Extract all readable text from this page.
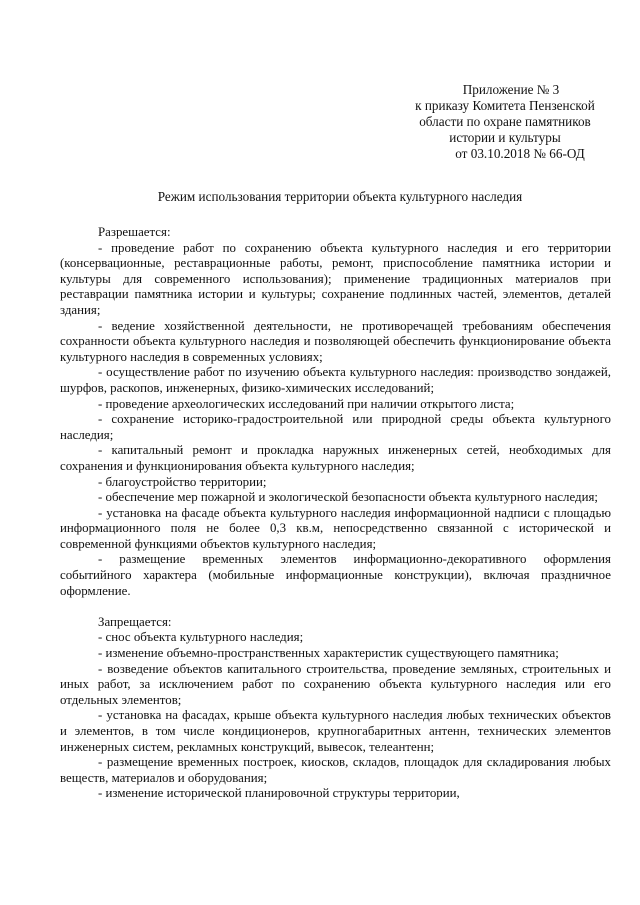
Приложение № 3
к приказу Комитета Пензенской
области по охране памятников
истории и культуры
от 03.10.2018 № 66-ОД
Режим использования территории объекта культурного наследия

Разрешается:

- проведение работ по сохранению объекта культурного наследия и его территории (консервационные, реставрационные работы, ремонт, приспособление памятника истории и культуры для современного использования); применение традиционных материалов при реставрации памятника истории и культуры; сохранение подлинных частей, элементов, деталей здания;

- ведение хозяйственной деятельности, не противоречащей требованиям обеспечения сохранности объекта культурного наследия и позволяющей обеспечить функционирование объекта культурного наследия в современных условиях;

- осуществление работ по изучению объекта культурного наследия: производство зондажей, шурфов, раскопов, инженерных, физико-химических исследований;

- проведение археологических исследований при наличии открытого листа;

- сохранение историко-градостроительной или природной среды объекта культурного наследия;

- капитальный ремонт и прокладка наружных инженерных сетей, необходимых для сохранения и функционирования объекта культурного наследия;

- благоустройство территории;

- обеспечение мер пожарной и экологической безопасности объекта культурного наследия;

- установка на фасаде объекта культурного наследия информационной надписи с площадью информационного поля не более 0,3 кв.м, непосредственно связанной с исторической и современной функциями объектов культурного наследия;

- размещение временных элементов информационно-декоративного оформления событийного характера (мобильные информационные конструкции), включая праздничное оформление.

Запрещается:

- снос объекта культурного наследия;

- изменение объемно-пространственных характеристик существующего памятника;

- возведение объектов капитального строительства, проведение земляных, строительных и иных работ, за исключением работ по сохранению объекта культурного наследия или его отдельных элементов;

- установка на фасадах, крыше объекта культурного наследия любых технических объектов и элементов, в том числе кондиционеров, крупногабаритных антенн, технических элементов инженерных систем, рекламных конструкций, вывесок, телеантенн;

- размещение временных построек, киосков, складов, площадок для складирования любых веществ, материалов и оборудования;

- изменение исторической планировочной структуры территории,
